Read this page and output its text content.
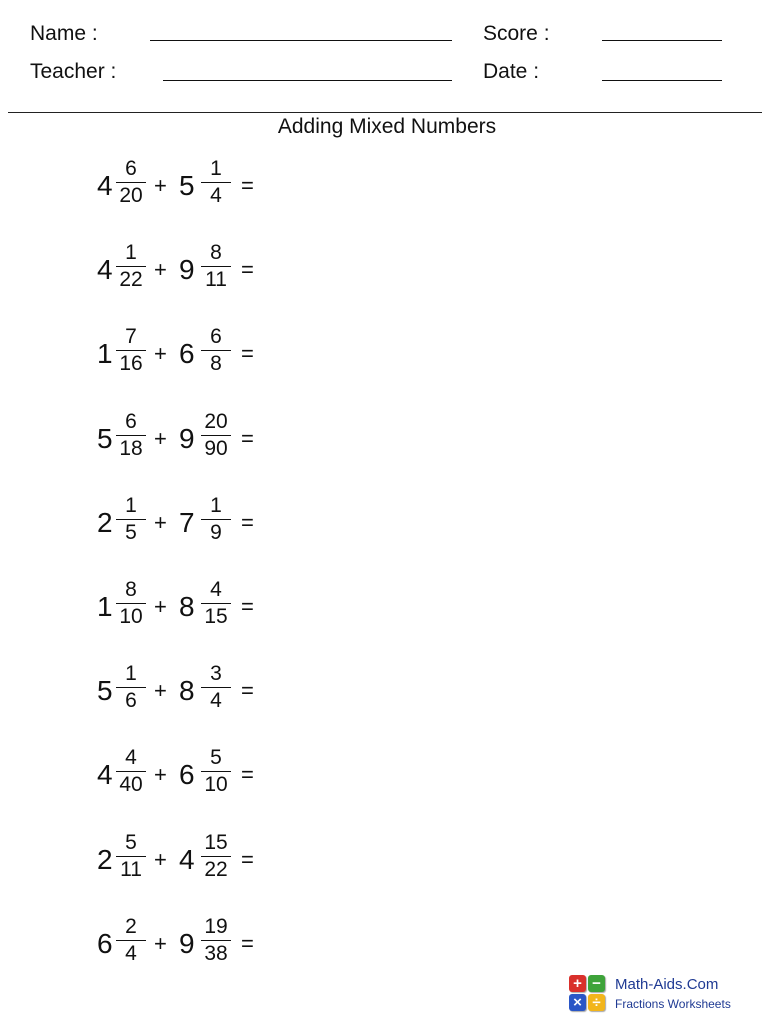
Name :	Score :
Teacher :	Date :
Adding Mixed Numbers
4
6
20 + 5
1
4 =
4
1
22 + 9
8
11 =
1
7
16 + 6
6
8 =
5
6
18 + 9
20
90 =
2
1
5 + 7
1
9 =
1
8
10 + 8
4
15 =
5
1
6 + 8
3
4 =
4
4
40 + 6
5
10 =
2
5
11 + 4
15
22 =
6
2
4 + 9
19
38 =
+ −
× ÷
Math-Aids.Com
Fractions Worksheets
